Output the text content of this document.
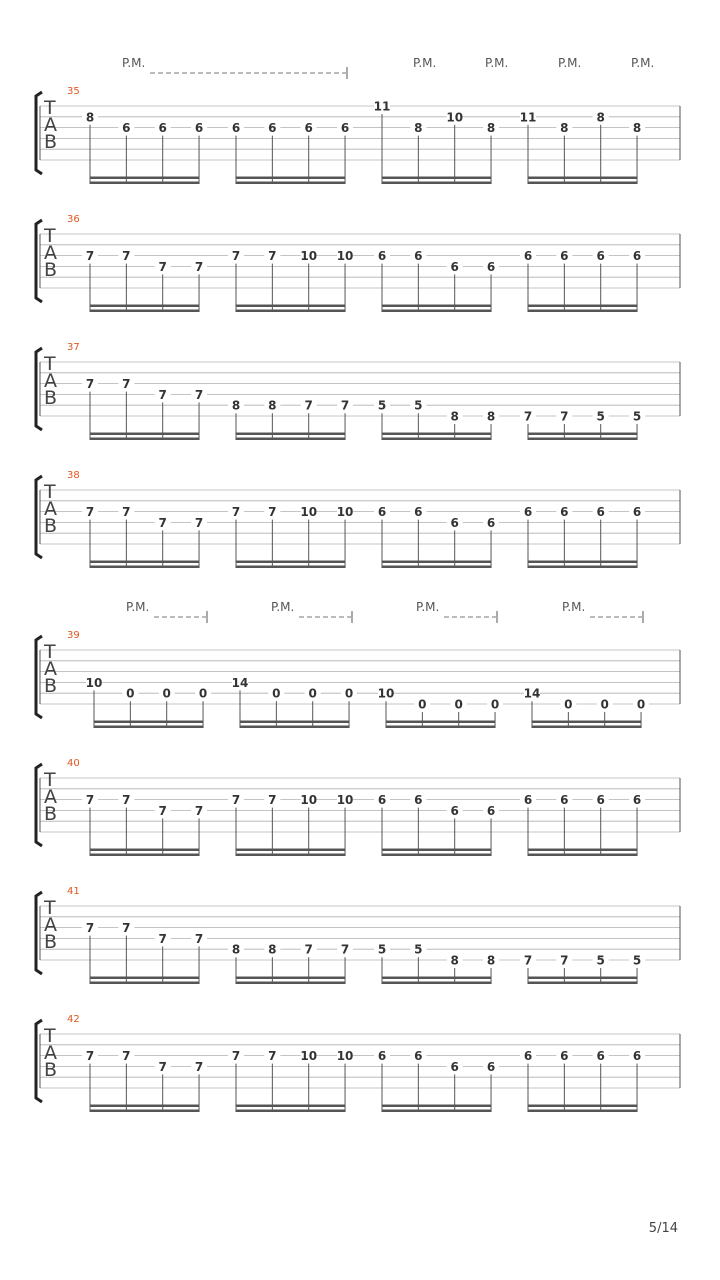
35
P.M.	P.M.	P.M.	P.M.	P.M.
T
A
B
8
6 6 6 6 6 6 6
11
8
10
8
11
8
8
8
36
T
A
B
7 7
7 7
7 7 10 10 6 6
6 6
6 6 6 6
37
T
A
B
7 7
7 7
8 8 7 7 5 5
8 8 7 7 5 5
38
T
A
B
7 7
7 7
7 7 10 10 6 6
6 6
6 6 6 6
39
P.M.	P.M.	P.M.	P.M.
T
A
B 10
0 0 0
14
0 0 0 10
0 0 0
14
0 0 0
40
T
A
B
7 7
7 7
7 7 10 10 6 6
6 6
6 6 6 6
41
T
A
B
7 7
7 7
8 8 7 7 5 5
8 8 7 7 5 5
42
T
A
B
7 7
7 7
7 7 10 10 6 6
6 6
6 6 6 6
5/14
